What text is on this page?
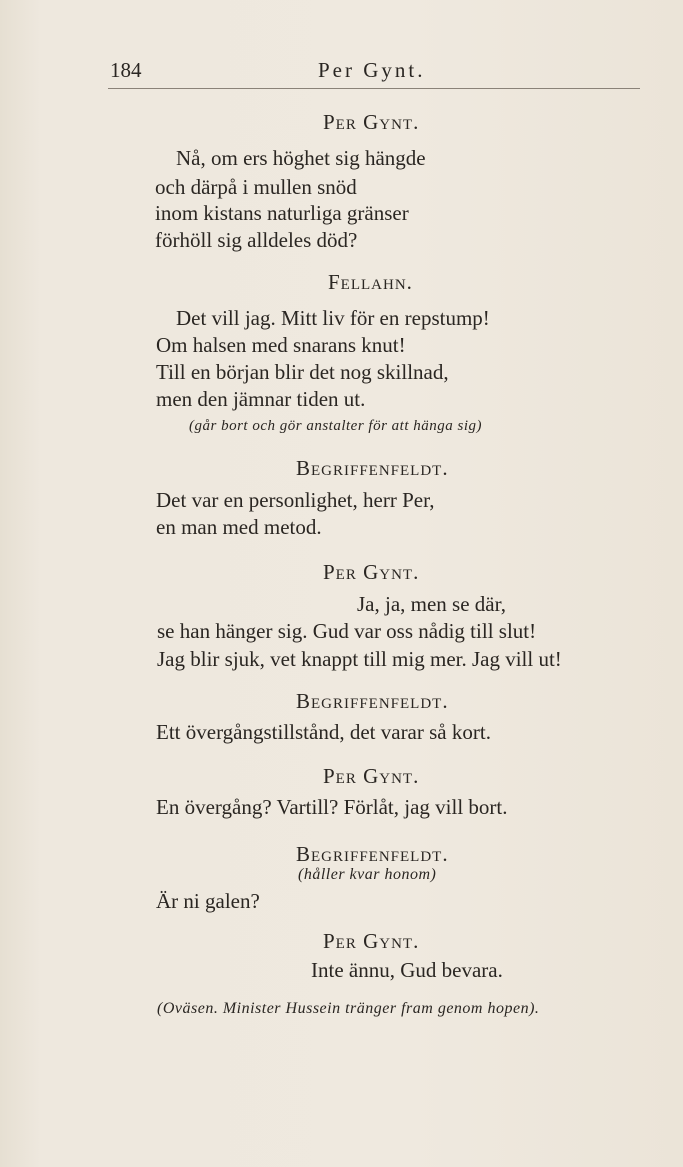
184	Per Gynt.
Per Gynt.
Nå, om ers höghet sig hängde
och därpå i mullen snöd
inom kistans naturliga gränser
förhöll sig alldeles död?
Fellahn.
Det vill jag. Mitt liv för en repstump!
Om halsen med snarans knut!
Till en början blir det nog skillnad,
men den jämnar tiden ut.
(går bort och gör anstalter för att hänga sig)
Begriffenfeldt.
Det var en personlighet, herr Per,
en man med metod.
Per Gynt.
Ja, ja, men se där,
se han hänger sig. Gud var oss nådig till slut!
Jag blir sjuk, vet knappt till mig mer. Jag vill ut!
Begriffenfeldt.
Ett övergångstillstånd, det varar så kort.
Per Gynt.
En övergång? Vartill? Förlåt, jag vill bort.
Begriffenfeldt.
(håller kvar honom)
Är ni galen?
Per Gynt.
Inte ännu, Gud bevara.
(Oväsen. Minister Hussein tränger fram genom hopen).
